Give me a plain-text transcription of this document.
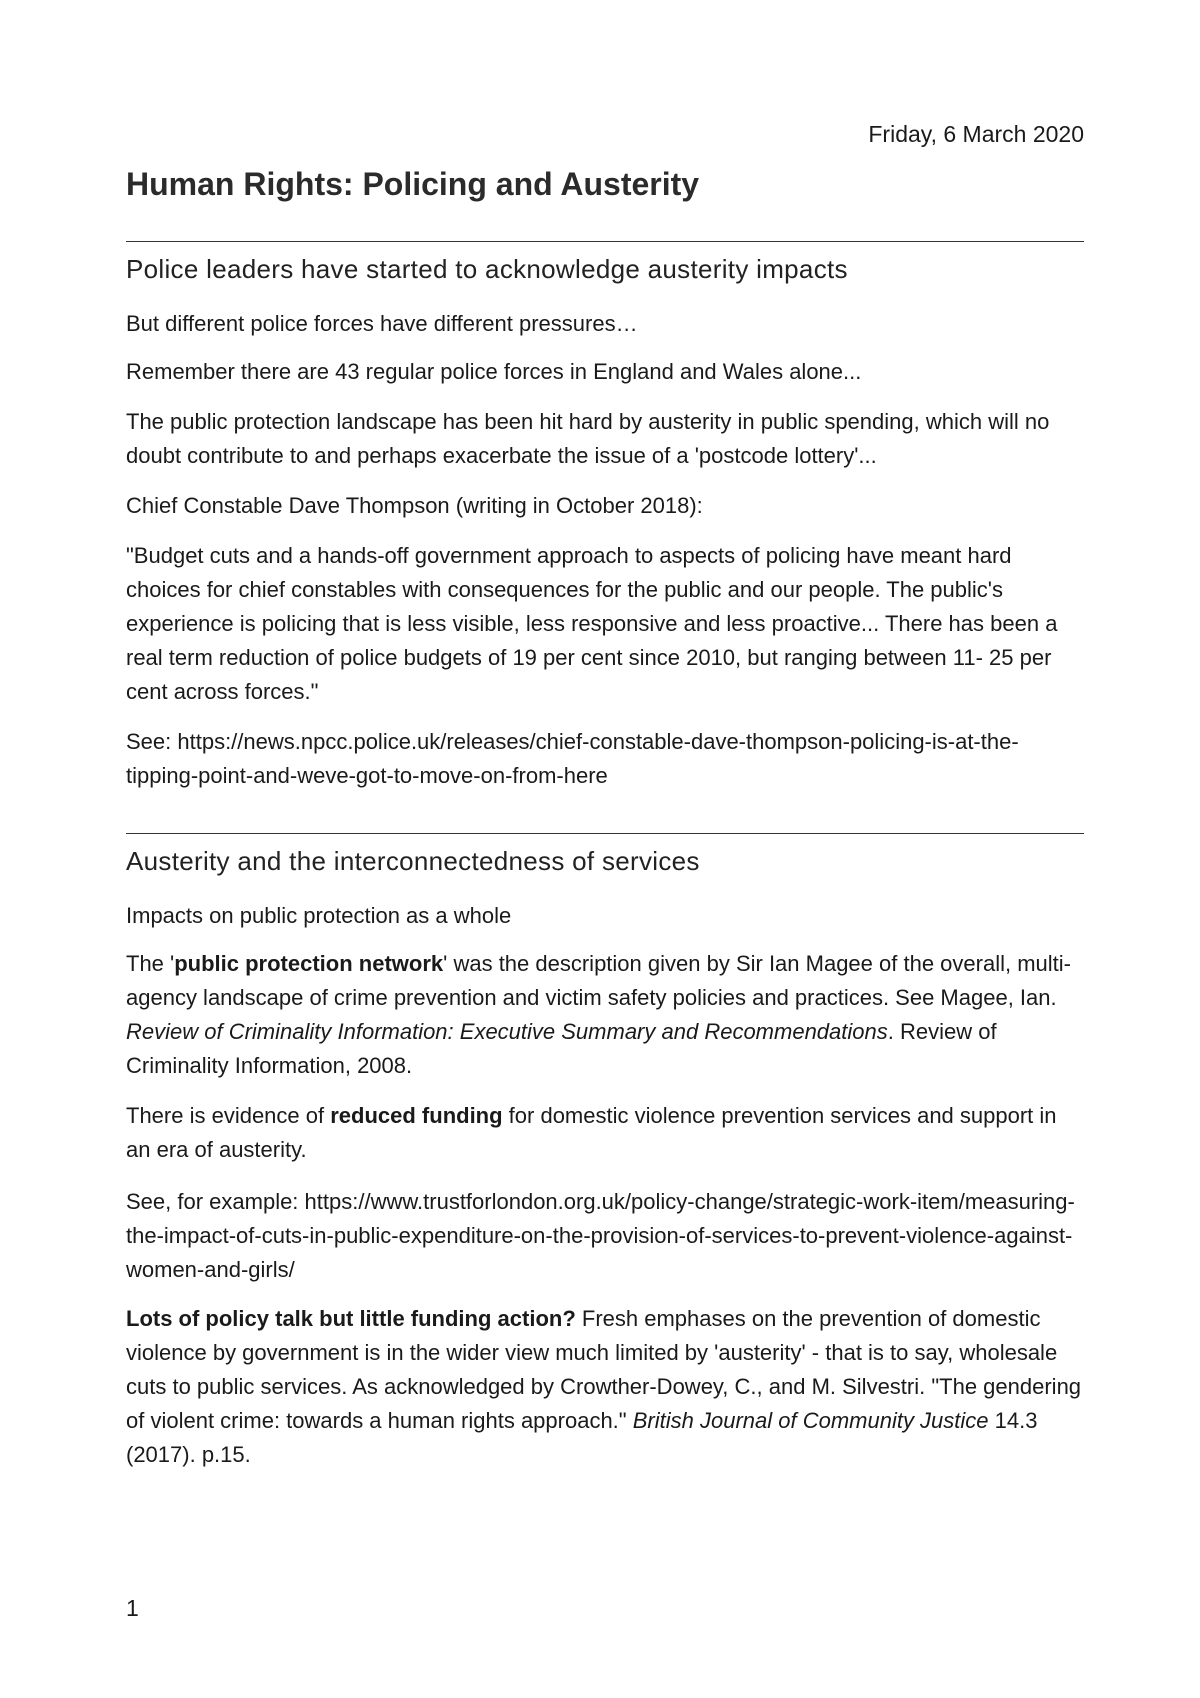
Friday, 6 March 2020
Human Rights: Policing and Austerity
Police leaders have started to acknowledge austerity impacts

But different police forces have different pressures…

Remember there are 43 regular police forces in England and Wales alone...

The public protection landscape has been hit hard by austerity in public spending, which will no doubt contribute to and perhaps exacerbate the issue of a 'postcode lottery'...

Chief Constable Dave Thompson (writing in October 2018):

"Budget cuts and a hands-off government approach to aspects of policing have meant hard choices for chief constables with consequences for the public and our people. The public's experience is policing that is less visible, less responsive and less proactive... There has been a real term reduction of police budgets of 19 per cent since 2010, but ranging between 11- 25 per cent across forces."

See: https://news.npcc.police.uk/releases/chief-constable-dave-thompson-policing-is-at-the-tipping-point-and-weve-got-to-move-on-from-here

Austerity and the interconnectedness of services

Impacts on public protection as a whole

The 'public protection network' was the description given by Sir Ian Magee of the overall, multi-agency landscape of crime prevention and victim safety policies and practices. See Magee, Ian. Review of Criminality Information: Executive Summary and Recommendations. Review of Criminality Information, 2008.

There is evidence of reduced funding for domestic violence prevention services and support in an era of austerity.

See, for example: https://www.trustforlondon.org.uk/policy-change/strategic-work-item/measuring-the-impact-of-cuts-in-public-expenditure-on-the-provision-of-services-to-prevent-violence-against-women-and-girls/

Lots of policy talk but little funding action? Fresh emphases on the prevention of domestic violence by government is in the wider view much limited by 'austerity' - that is to say, wholesale cuts to public services. As acknowledged by Crowther-Dowey, C., and M. Silvestri. "The gendering of violent crime: towards a human rights approach." British Journal of Community Justice 14.3 (2017). p.15.

1
